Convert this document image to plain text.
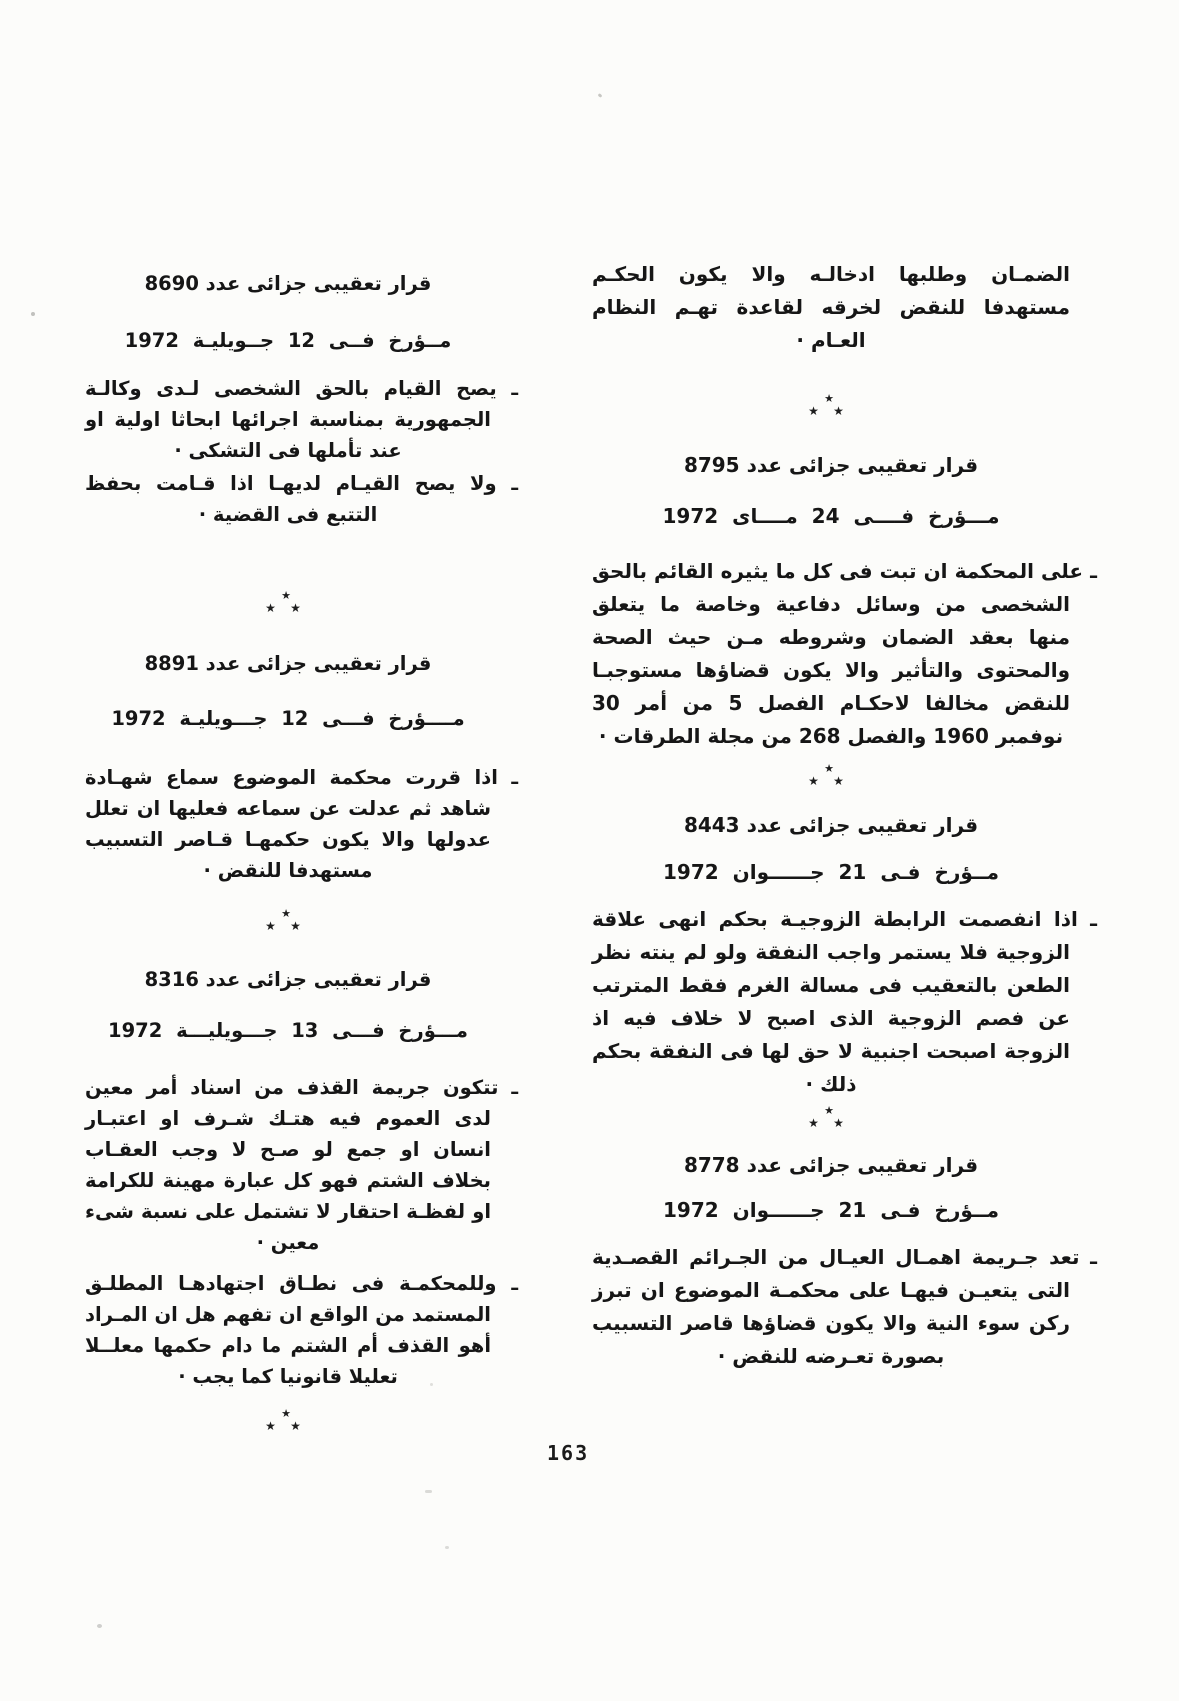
الضمـان وطلبها ادخالـه والا يكون الحكـم مستهدفا للنقض لخرقه لقاعدة تهـم النظام العـام ·

★
★ ★
قرار تعقيبى جزائى عدد 8795

مـــؤرخ فــــى 24 مــــاى 1972

ـ على المحكمة ان تبت فى كل ما يثيره القائم بالحق الشخصى من وسائل دفاعية وخاصة ما يتعلق منها بعقد الضمان وشروطه مـن حيث الصحة والمحتوى والتأثير والا يكون قضاؤها مستوجبـا للنقض مخالفا لاحكـام الفصل 5 من أمر 30 نوفمبر 1960 والفصل 268 من مجلة الطرقات ·

★
★ ★
قرار تعقيبى جزائى عدد 8443

مــؤرخ فـى 21 جــــــوان 1972

ـ اذا انفصمت الرابطة الزوجيـة بحكم انهى علاقة الزوجية فلا يستمر واجب النفقة ولو لم ينته نظر الطعن بالتعقيب فى مسالة الغرم فقط المترتب عن فصم الزوجية الذى اصبح لا خلاف فيه اذ الزوجة اصبحت اجنبية لا حق لها فى النفقة بحكم ذلك ·

★
★ ★
قرار تعقيبى جزائى عدد 8778

مــؤرخ فـى 21 جــــــوان 1972

ـ تعد جـريمة اهمـال العيـال من الجـرائم القصـدية التى يتعيـن فيهـا على محكمـة الموضوع ان تبرز ركن سوء النية والا يكون قضاؤها قاصر التسبيب بصورة تعـرضه للنقض ·

قرار تعقيبى جزائى عدد 8690

مــؤرخ فــى 12 جــويليـة 1972

ـ يصح القيام بالحق الشخصى لـدى وكالـة الجمهورية بمناسبة اجرائها ابحاثا اولية او عند تأملها فى التشكى ·

ـ ولا يصح القيـام لديهـا اذا قـامت بحفظ التتبع فى القضية ·

★
★ ★
قرار تعقيبى جزائى عدد 8891

مــــؤرخ فـــى 12 جـــويليـة 1972

ـ اذا قررت محكمة الموضوع سماع شهـادة شاهد ثم عدلت عن سماعه فعليها ان تعلل عدولها والا يكون حكمهـا قـاصر التسبيب مستهدفا للنقض ·

★
★ ★
قرار تعقيبى جزائى عدد 8316

مـــؤرخ فـــى 13 جـــويليـــة 1972

ـ تتكون جريمة القذف من اسناد أمر معين لدى العموم فيه هتـك شـرف او اعتبـار انسان او جمع لو صـح لا وجب العقـاب بخلاف الشتم فهو كل عبارة مهينة للكرامة او لفظـة احتقار لا تشتمل على نسبة شىء معين ·

ـ وللمحكمـة فى نطـاق اجتهادهـا المطلـق المستمد من الواقع ان تفهم هل ان المـراد أهو القذف أم الشتم ما دام حكمها معلــلا تعليلا قانونيا كما يجب ·

★
★ ★
163
